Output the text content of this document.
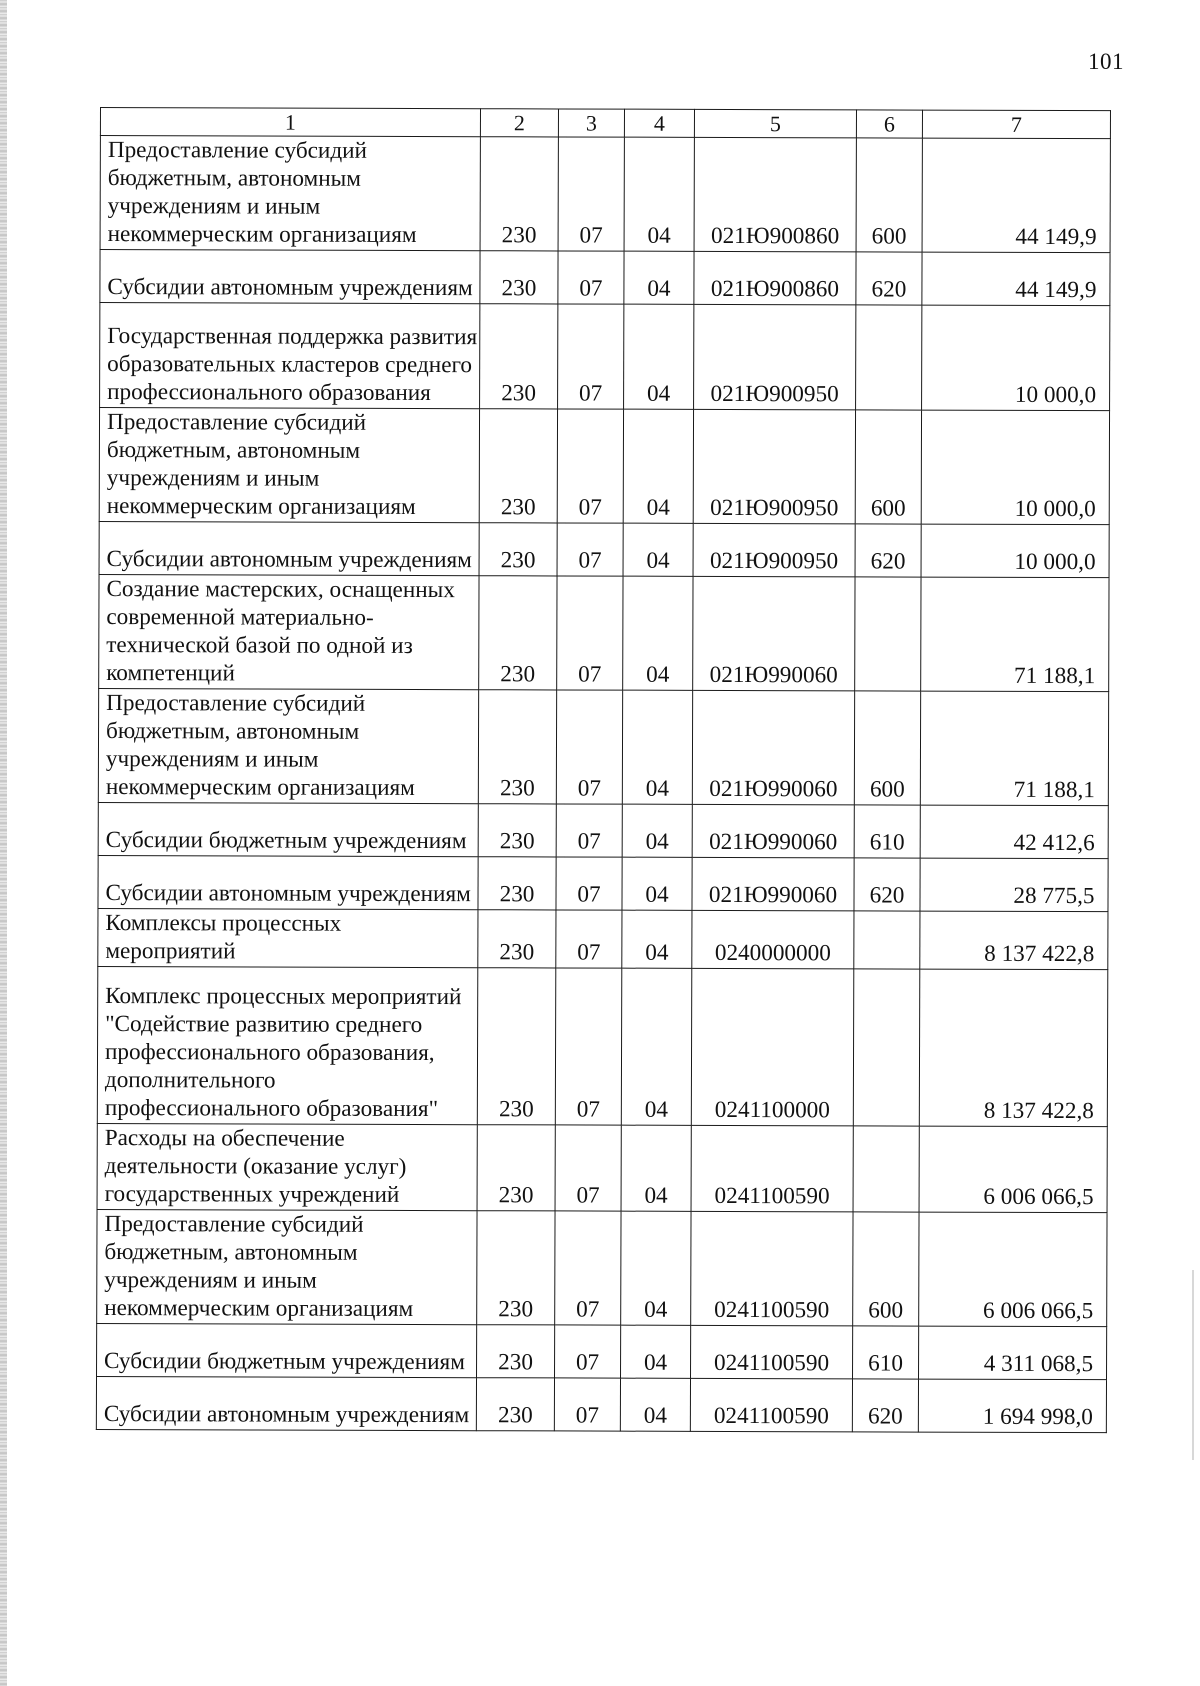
101
1	2	3	4	5	6	7
Предоставление субсидий бюджетным, автономным учреждениям и иным некоммерческим организациям	230	07	04	021Ю900860	600	44 149,9
Субсидии автономным учреждениям	230	07	04	021Ю900860	620	44 149,9
Государственная поддержка развития образовательных кластеров среднего профессионального образования	230	07	04	021Ю900950		10 000,0
Предоставление субсидий бюджетным, автономным учреждениям и иным некоммерческим организациям	230	07	04	021Ю900950	600	10 000,0
Субсидии автономным учреждениям	230	07	04	021Ю900950	620	10 000,0
Создание мастерских, оснащенных современной материально-технической базой по одной из компетенций	230	07	04	021Ю990060		71 188,1
Предоставление субсидий бюджетным, автономным учреждениям и иным некоммерческим организациям	230	07	04	021Ю990060	600	71 188,1
Субсидии бюджетным учреждениям	230	07	04	021Ю990060	610	42 412,6
Субсидии автономным учреждениям	230	07	04	021Ю990060	620	28 775,5
Комплексы процессных мероприятий	230	07	04	0240000000		8 137 422,8
Комплекс процессных мероприятий "Содействие развитию среднего профессионального образования, дополнительного профессионального образования"	230	07	04	0241100000		8 137 422,8
Расходы на обеспечение деятельности (оказание услуг) государственных учреждений	230	07	04	0241100590		6 006 066,5
Предоставление субсидий бюджетным, автономным учреждениям и иным некоммерческим организациям	230	07	04	0241100590	600	6 006 066,5
Субсидии бюджетным учреждениям	230	07	04	0241100590	610	4 311 068,5
Субсидии автономным учреждениям	230	07	04	0241100590	620	1 694 998,0
